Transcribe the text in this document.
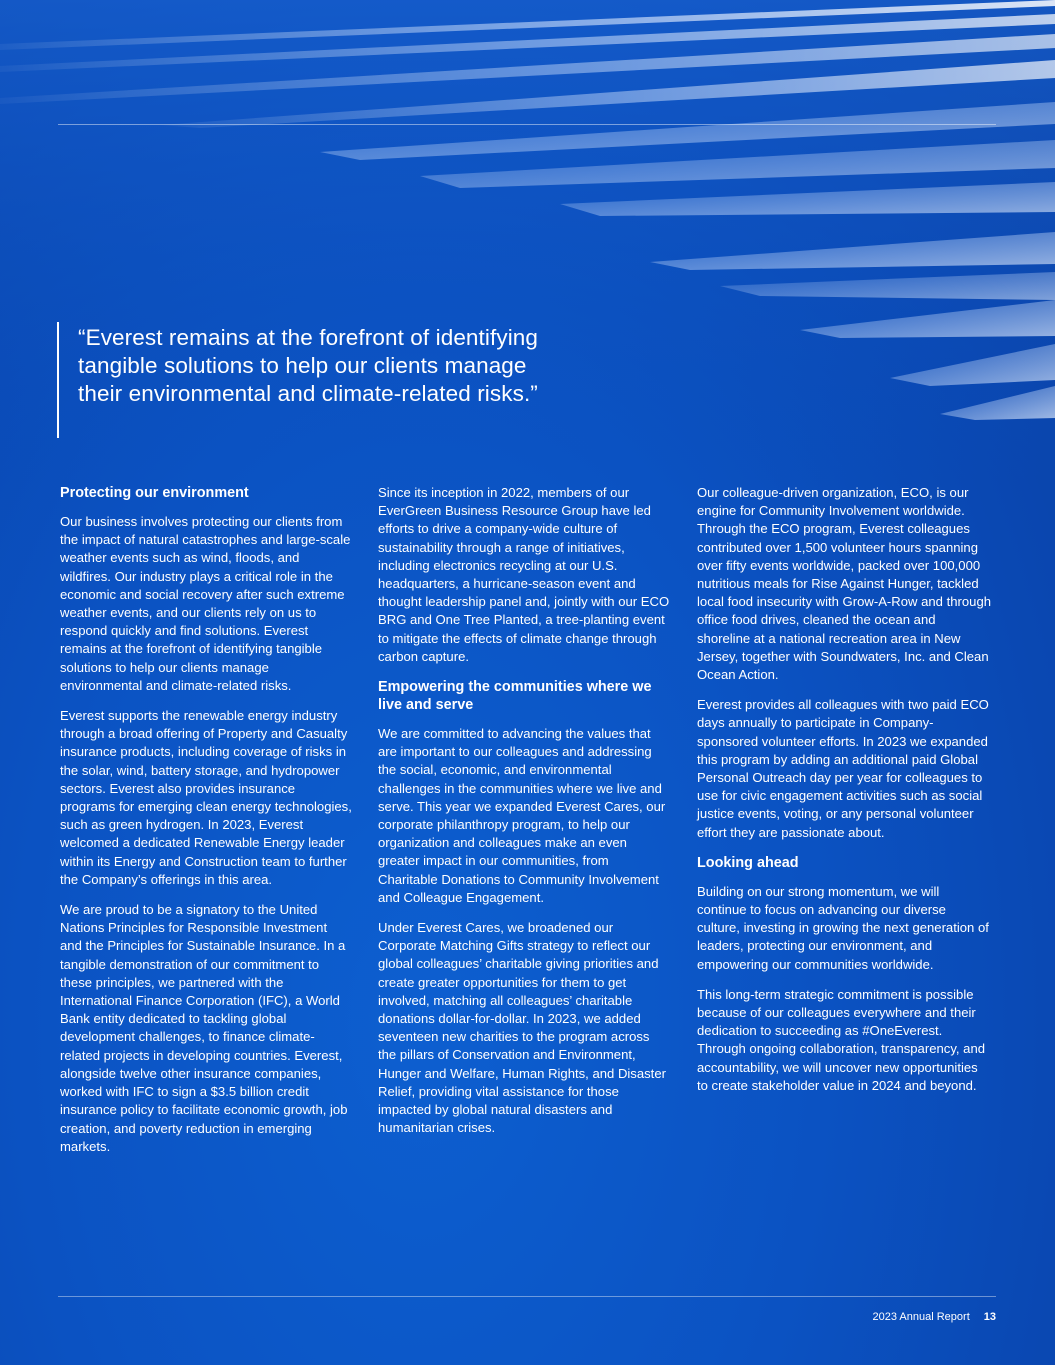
“Everest remains at the forefront of identifying tangible solutions to help our clients manage their environmental and climate-related risks.”

Protecting our environment

Our business involves protecting our clients from the impact of natural catastrophes and large-scale weather events such as wind, floods, and wildfires. Our industry plays a critical role in the economic and social recovery after such extreme weather events, and our clients rely on us to respond quickly and find solutions. Everest remains at the forefront of identifying tangible solutions to help our clients manage environmental and climate-related risks.

Everest supports the renewable energy industry through a broad offering of Property and Casualty insurance products, including coverage of risks in the solar, wind, battery storage, and hydropower sectors. Everest also provides insurance programs for emerging clean energy technologies, such as green hydrogen. In 2023, Everest welcomed a dedicated Renewable Energy leader within its Energy and Construction team to further the Company’s offerings in this area.

We are proud to be a signatory to the United Nations Principles for Responsible Investment and the Principles for Sustainable Insurance. In a tangible demonstration of our commitment to these principles, we partnered with the International Finance Corporation (IFC), a World Bank entity dedicated to tackling global development challenges, to finance climate-related projects in developing countries. Everest, alongside twelve other insurance companies, worked with IFC to sign a $3.5 billion credit insurance policy to facilitate economic growth, job creation, and poverty reduction in emerging markets.

Since its inception in 2022, members of our EverGreen Business Resource Group have led efforts to drive a company-wide culture of sustainability through a range of initiatives, including electronics recycling at our U.S. headquarters, a hurricane-season event and thought leadership panel and, jointly with our ECO BRG and One Tree Planted, a tree-planting event to mitigate the effects of climate change through carbon capture.

Empowering the communities where we live and serve

We are committed to advancing the values that are important to our colleagues and addressing the social, economic, and environmental challenges in the communities where we live and serve. This year we expanded Everest Cares, our corporate philanthropy program, to help our organization and colleagues make an even greater impact in our communities, from Charitable Donations to Community Involvement and Colleague Engagement.

Under Everest Cares, we broadened our Corporate Matching Gifts strategy to reflect our global colleagues’ charitable giving priorities and create greater opportunities for them to get involved, matching all colleagues’ charitable donations dollar-for-dollar. In 2023, we added seventeen new charities to the program across the pillars of Conservation and Environment, Hunger and Welfare, Human Rights, and Disaster Relief, providing vital assistance for those impacted by global natural disasters and humanitarian crises.

Our colleague-driven organization, ECO, is our engine for Community Involvement worldwide. Through the ECO program, Everest colleagues contributed over 1,500 volunteer hours spanning over fifty events worldwide, packed over 100,000 nutritious meals for Rise Against Hunger, tackled local food insecurity with Grow-A-Row and through office food drives, cleaned the ocean and shoreline at a national recreation area in New Jersey, together with Soundwaters, Inc. and Clean Ocean Action.

Everest provides all colleagues with two paid ECO days annually to participate in Company-sponsored volunteer efforts. In 2023 we expanded this program by adding an additional paid Global Personal Outreach day per year for colleagues to use for civic engagement activities such as social justice events, voting, or any personal volunteer effort they are passionate about.

Looking ahead

Building on our strong momentum, we will continue to focus on advancing our diverse culture, investing in growing the next generation of leaders, protecting our environment, and empowering our communities worldwide.

This long-term strategic commitment is possible because of our colleagues everywhere and their dedication to succeeding as #OneEverest. Through ongoing collaboration, transparency, and accountability, we will uncover new opportunities to create stakeholder value in 2024 and beyond.

2023 Annual Report 13
